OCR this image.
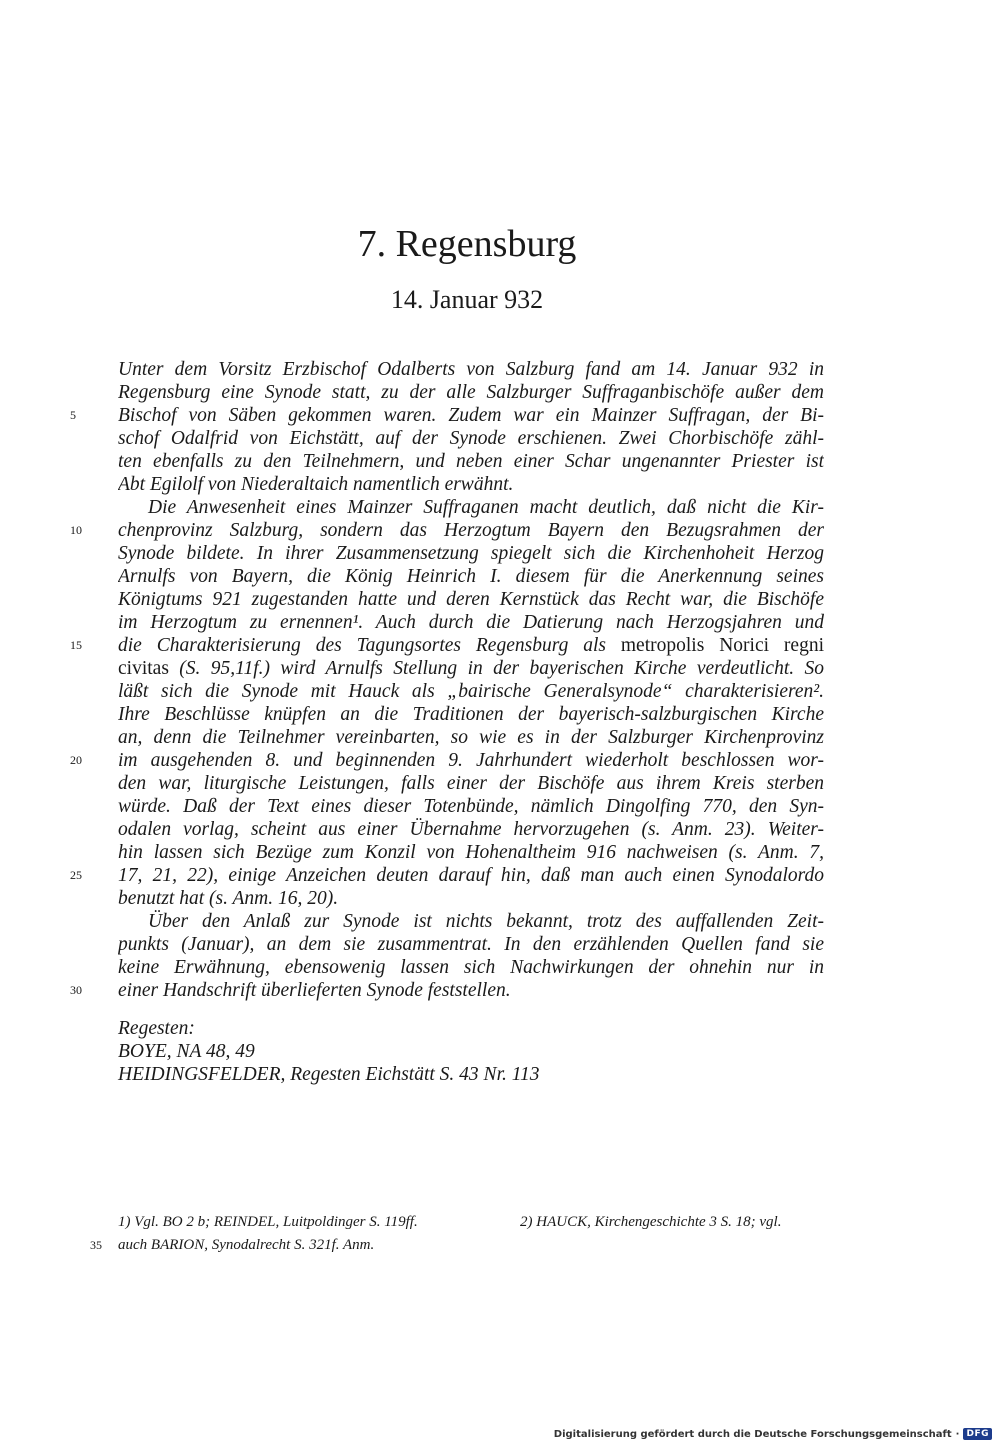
7. Regensburg
14. Januar 932
Unter dem Vorsitz Erzbischof Odalberts von Salzburg fand am 14. Januar 932 in
Regensburg eine Synode statt, zu der alle Salzburger Suffraganbischöfe außer dem
Bischof von Säben gekommen waren. Zudem war ein Mainzer Suffragan, der Bi-
5
schof Odalfrid von Eichstätt, auf der Synode erschienen. Zwei Chorbischöfe zähl-
ten ebenfalls zu den Teilnehmern, und neben einer Schar ungenannter Priester ist
Abt Egilolf von Niederaltaich namentlich erwähnt.
Die Anwesenheit eines Mainzer Suffraganen macht deutlich, daß nicht die Kir-
chenprovinz Salzburg, sondern das Herzogtum Bayern den Bezugsrahmen der
10
Synode bildete. In ihrer Zusammensetzung spiegelt sich die Kirchenhoheit Herzog
Arnulfs von Bayern, die König Heinrich I. diesem für die Anerkennung seines
Königtums 921 zugestanden hatte und deren Kernstück das Recht war, die Bischöfe
im Herzogtum zu ernennen¹. Auch durch die Datierung nach Herzogsjahren und
die Charakterisierung des Tagungsortes Regensburg als metropolis Norici regni
15
civitas (S. 95,11f.) wird Arnulfs Stellung in der bayerischen Kirche verdeutlicht. So
läßt sich die Synode mit Hauck als „bairische Generalsynode“ charakterisieren².
Ihre Beschlüsse knüpfen an die Traditionen der bayerisch-salzburgischen Kirche
an, denn die Teilnehmer vereinbarten, so wie es in der Salzburger Kirchenprovinz
im ausgehenden 8. und beginnenden 9. Jahrhundert wiederholt beschlossen wor-
20
den war, liturgische Leistungen, falls einer der Bischöfe aus ihrem Kreis sterben
würde. Daß der Text eines dieser Totenbünde, nämlich Dingolfing 770, den Syn-
odalen vorlag, scheint aus einer Übernahme hervorzugehen (s. Anm. 23). Weiter-
hin lassen sich Bezüge zum Konzil von Hohenaltheim 916 nachweisen (s. Anm. 7,
17, 21, 22), einige Anzeichen deuten darauf hin, daß man auch einen Synodalordo
25
benutzt hat (s. Anm. 16, 20).
Über den Anlaß zur Synode ist nichts bekannt, trotz des auffallenden Zeit-
punkts (Januar), an dem sie zusammentrat. In den erzählenden Quellen fand sie
keine Erwähnung, ebensowenig lassen sich Nachwirkungen der ohnehin nur in
einer Handschrift überlieferten Synode feststellen.
30
Regesten:
BOYE, NA 48, 49
HEIDINGSFELDER, Regesten Eichstätt S. 43 Nr. 113
1) Vgl. BO 2 b; REINDEL, Luitpoldinger S. 119ff.	2) HAUCK, Kirchengeschichte 3 S. 18; vgl.
35 auch BARION, Synodalrecht S. 321f. Anm.
Digitalisierung gefördert durch die Deutsche Forschungsgemeinschaft · DFG
